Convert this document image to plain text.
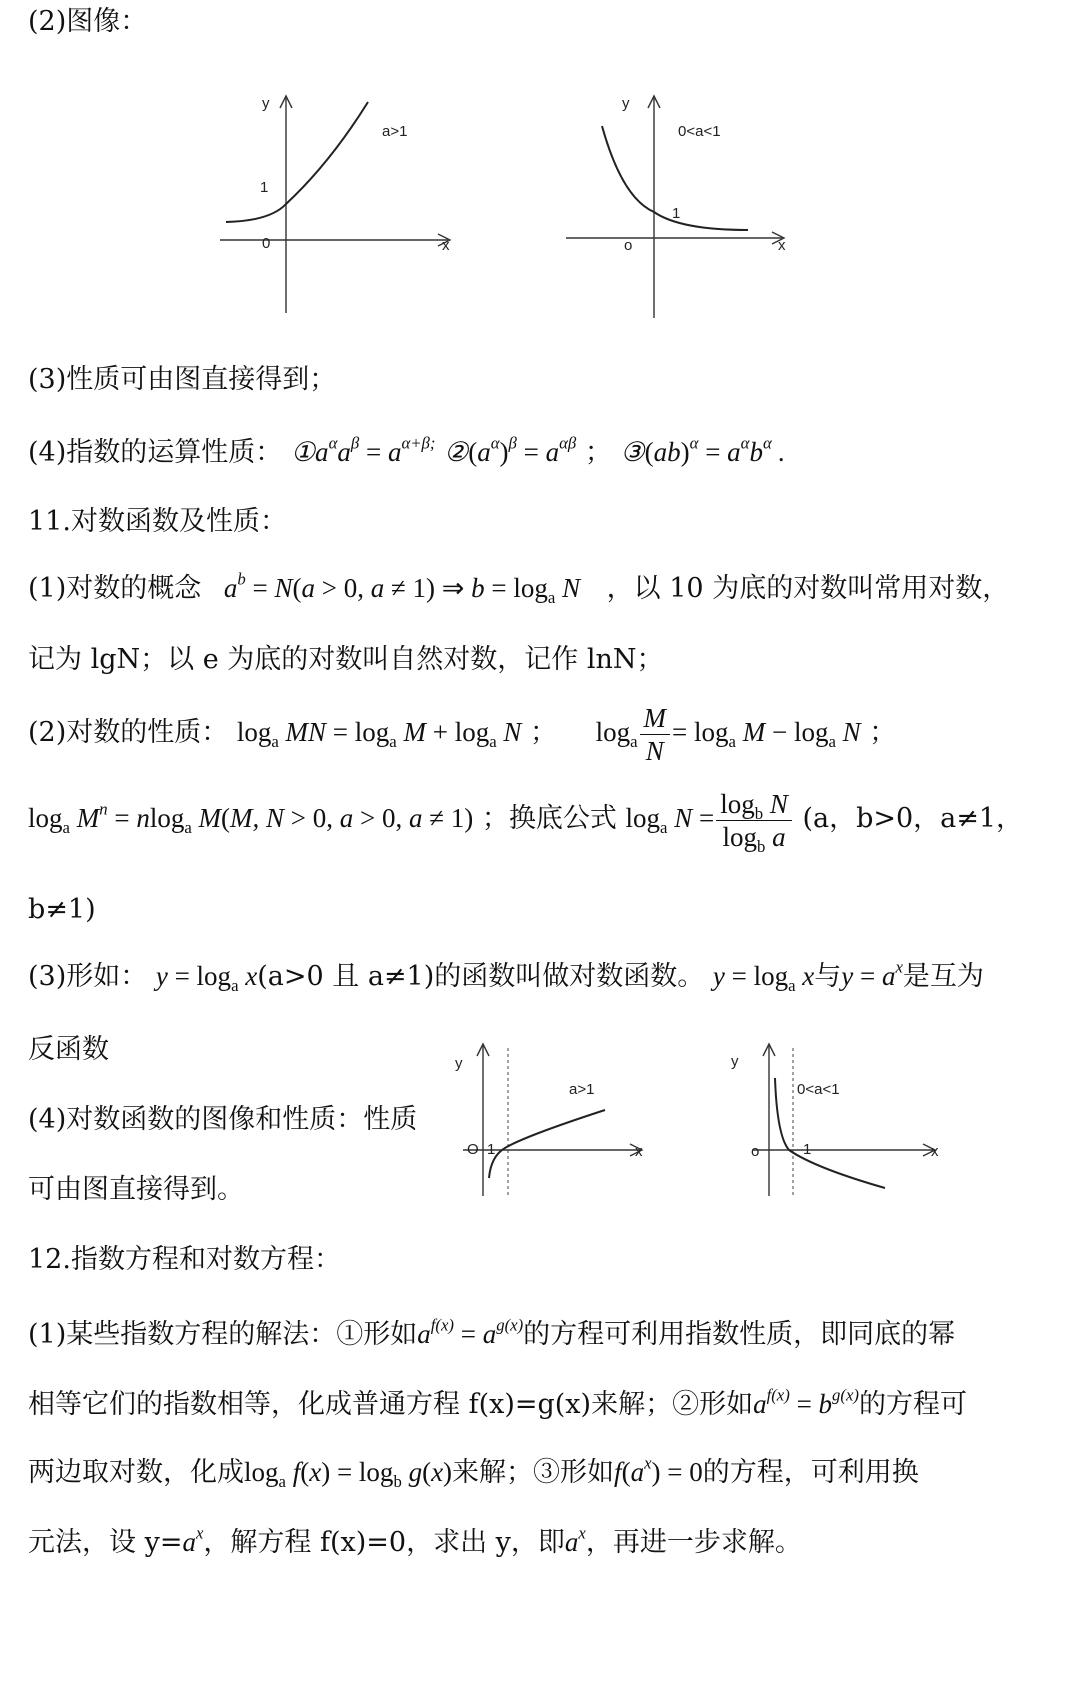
(2)图像：
y
x
1
0
a>1
y
x
1
o
0<a<1
(3)性质可由图直接得到；
(4)指数的运算性质： $①a^\alpha a^\beta = a^{\alpha+\beta;}$ $②(a^\alpha)^\beta = a^{\alpha\beta}$ ； ③(ab)$^\alpha$ = $a^\alpha b^\alpha$ .
11.对数函数及性质：
(1)对数的概念 $a^b = N(a > 0$, a ≠ 1) ⇒ $b = \log_a N$ ，以 10 为底的对数叫常用对数，
记为 lgN；以 e 为底的对数叫自然对数，记作 lnN；
(2)对数的性质： $\log_a$ MN = $\log_a M + \log_a N$ ； $\log_a \frac{M}{N} = \log_a M - \log_a N$ ；
$\log_a M^n = nlog_a$ M(M, N > 0, a > 0, a ≠ 1) ；换底公式 $\log_a N = \frac{\log_b N}{\log_b a} (a$，b>0，a≠1，
b≠1)
(3)形如： $y = \log_a x(a>0$ 且 a≠1)的函数叫做对数函数。 $y = \log_a x$与$y = a^x$是互为
反函数
(4)对数函数的图像和性质：性质
可由图直接得到。
y
x
O 1
a>1
y
x
o	1
0<a<1
12.指数方程和对数方程：
(1)某些指数方程的解法：①形如$a^{f(x)} = a^{g(x)}$的方程可利用指数性质，即同底的幂
相等它们的指数相等，化成普通方程 f(x)=g(x)来解；②形如$a^{f(x)} = b^{g(x)}$的方程可
两边取对数，化成$\log_a f(x) = \log_b g(x)$来解；③形如$f(a^x) = 0$的方程，可利用换
元法，设 $y=a^x$，解方程 f(x)=0，求出 y，即$a^x$，再进一步求解。
